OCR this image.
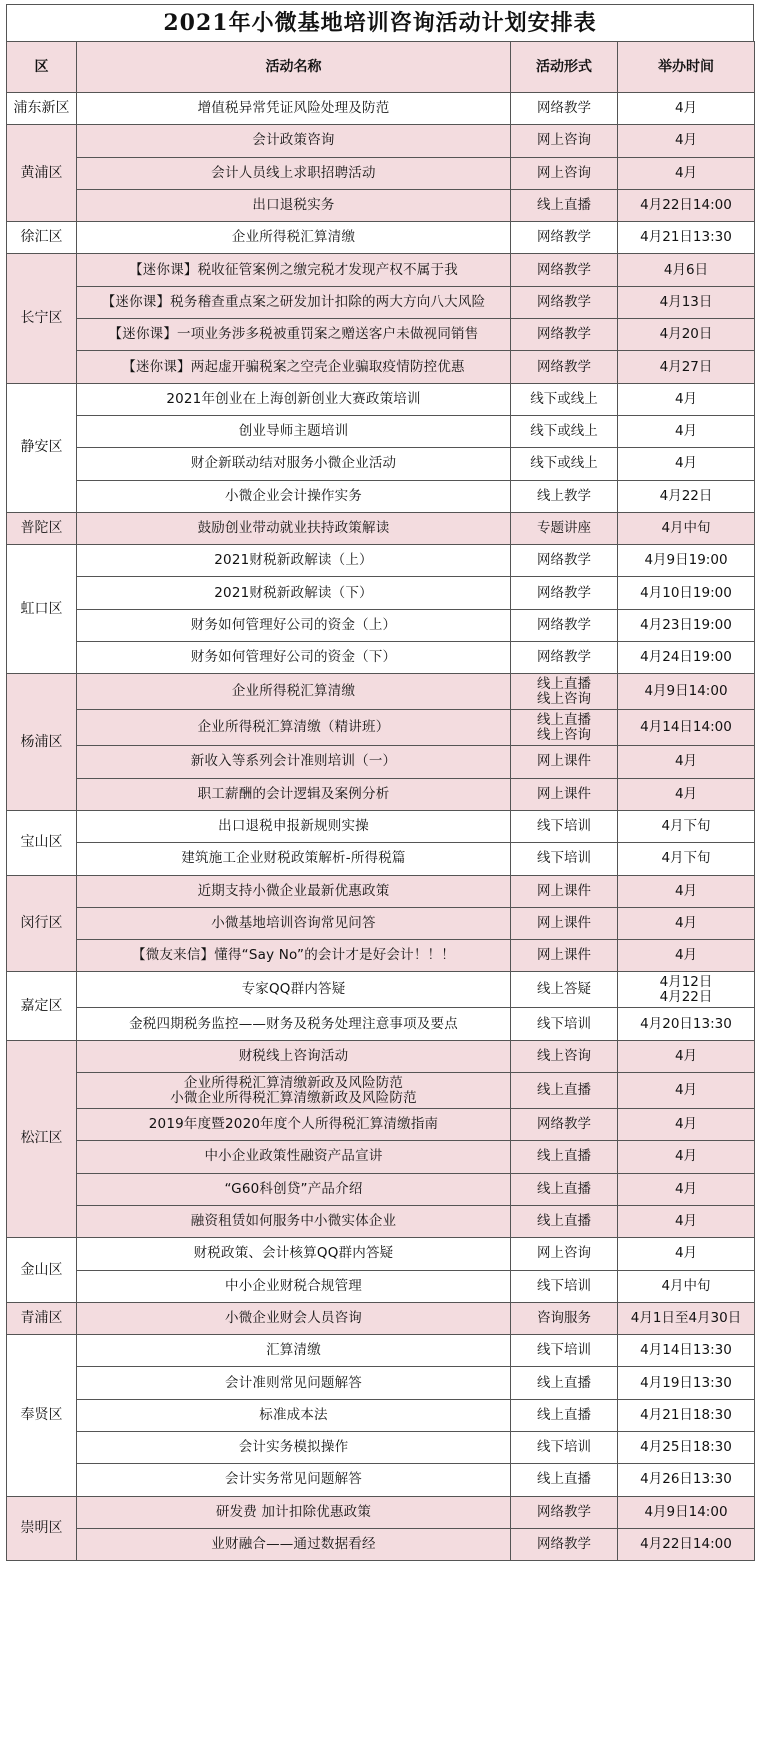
2021年小微基地培训咨询活动计划安排表
区	活动名称	活动形式	举办时间
浦东新区	增值税异常凭证风险处理及防范	网络教学	4月

黄浦区	会计政策咨询	网上咨询	4月

	会计人员线上求职招聘活动	网上咨询	4月

	出口退税实务	线上直播	4月22日14:00

徐汇区	企业所得税汇算清缴	网络教学	4月21日13:30

长宁区	【迷你课】税收征管案例之缴完税才发现产权不属于我	网络教学	4月6日

	【迷你课】税务稽查重点案之研发加计扣除的两大方向八大风险	网络教学	4月13日

	【迷你课】一项业务涉多税被重罚案之赠送客户未做视同销售	网络教学	4月20日

	【迷你课】两起虚开骗税案之空壳企业骗取疫情防控优惠	网络教学	4月27日

静安区	2021年创业在上海创新创业大赛政策培训	线下或线上	4月

	创业导师主题培训	线下或线上	4月

	财企新联动结对服务小微企业活动	线下或线上	4月

	小微企业会计操作实务	线上教学	4月22日

普陀区	鼓励创业带动就业扶持政策解读	专题讲座	4月中旬

虹口区	2021财税新政解读（上）	网络教学	4月9日19:00

	2021财税新政解读（下）	网络教学	4月10日19:00

	财务如何管理好公司的资金（上）	网络教学	4月23日19:00

	财务如何管理好公司的资金（下）	网络教学	4月24日19:00

杨浦区	企业所得税汇算清缴	线上直播
线上咨询	4月9日14:00

	企业所得税汇算清缴（精讲班）	线上直播
线上咨询	4月14日14:00

	新收入等系列会计准则培训（一）	网上课件	4月

	职工薪酬的会计逻辑及案例分析	网上课件	4月

宝山区	出口退税申报新规则实操	线下培训	4月下旬

	建筑施工企业财税政策解析-所得税篇	线下培训	4月下旬

闵行区	近期支持小微企业最新优惠政策	网上课件	4月

	小微基地培训咨询常见问答	网上课件	4月

	【微友来信】懂得“Say No”的会计才是好会计！！！	网上课件	4月

嘉定区	专家QQ群内答疑	线上答疑	4月12日
4月22日

	金税四期税务监控——财务及税务处理注意事项及要点	线下培训	4月20日13:30

松江区	财税线上咨询活动	线上咨询	4月

	企业所得税汇算清缴新政及风险防范
小微企业所得税汇算清缴新政及风险防范	线上直播	4月

	2019年度暨2020年度个人所得税汇算清缴指南	网络教学	4月

	中小企业政策性融资产品宣讲	线上直播	4月

	“G60科创贷”产品介绍	线上直播	4月

	融资租赁如何服务中小微实体企业	线上直播	4月

金山区	财税政策、会计核算QQ群内答疑	网上咨询	4月

	中小企业财税合规管理	线下培训	4月中旬

青浦区	小微企业财会人员咨询	咨询服务	4月1日至4月30日

奉贤区	汇算清缴	线下培训	4月14日13:30

	会计准则常见问题解答	线上直播	4月19日13:30

	标准成本法	线上直播	4月21日18:30

	会计实务模拟操作	线下培训	4月25日18:30

	会计实务常见问题解答	线上直播	4月26日13:30

崇明区	研发费 加计扣除优惠政策	网络教学	4月9日14:00

	业财融合——通过数据看经	网络教学	4月22日14:00
